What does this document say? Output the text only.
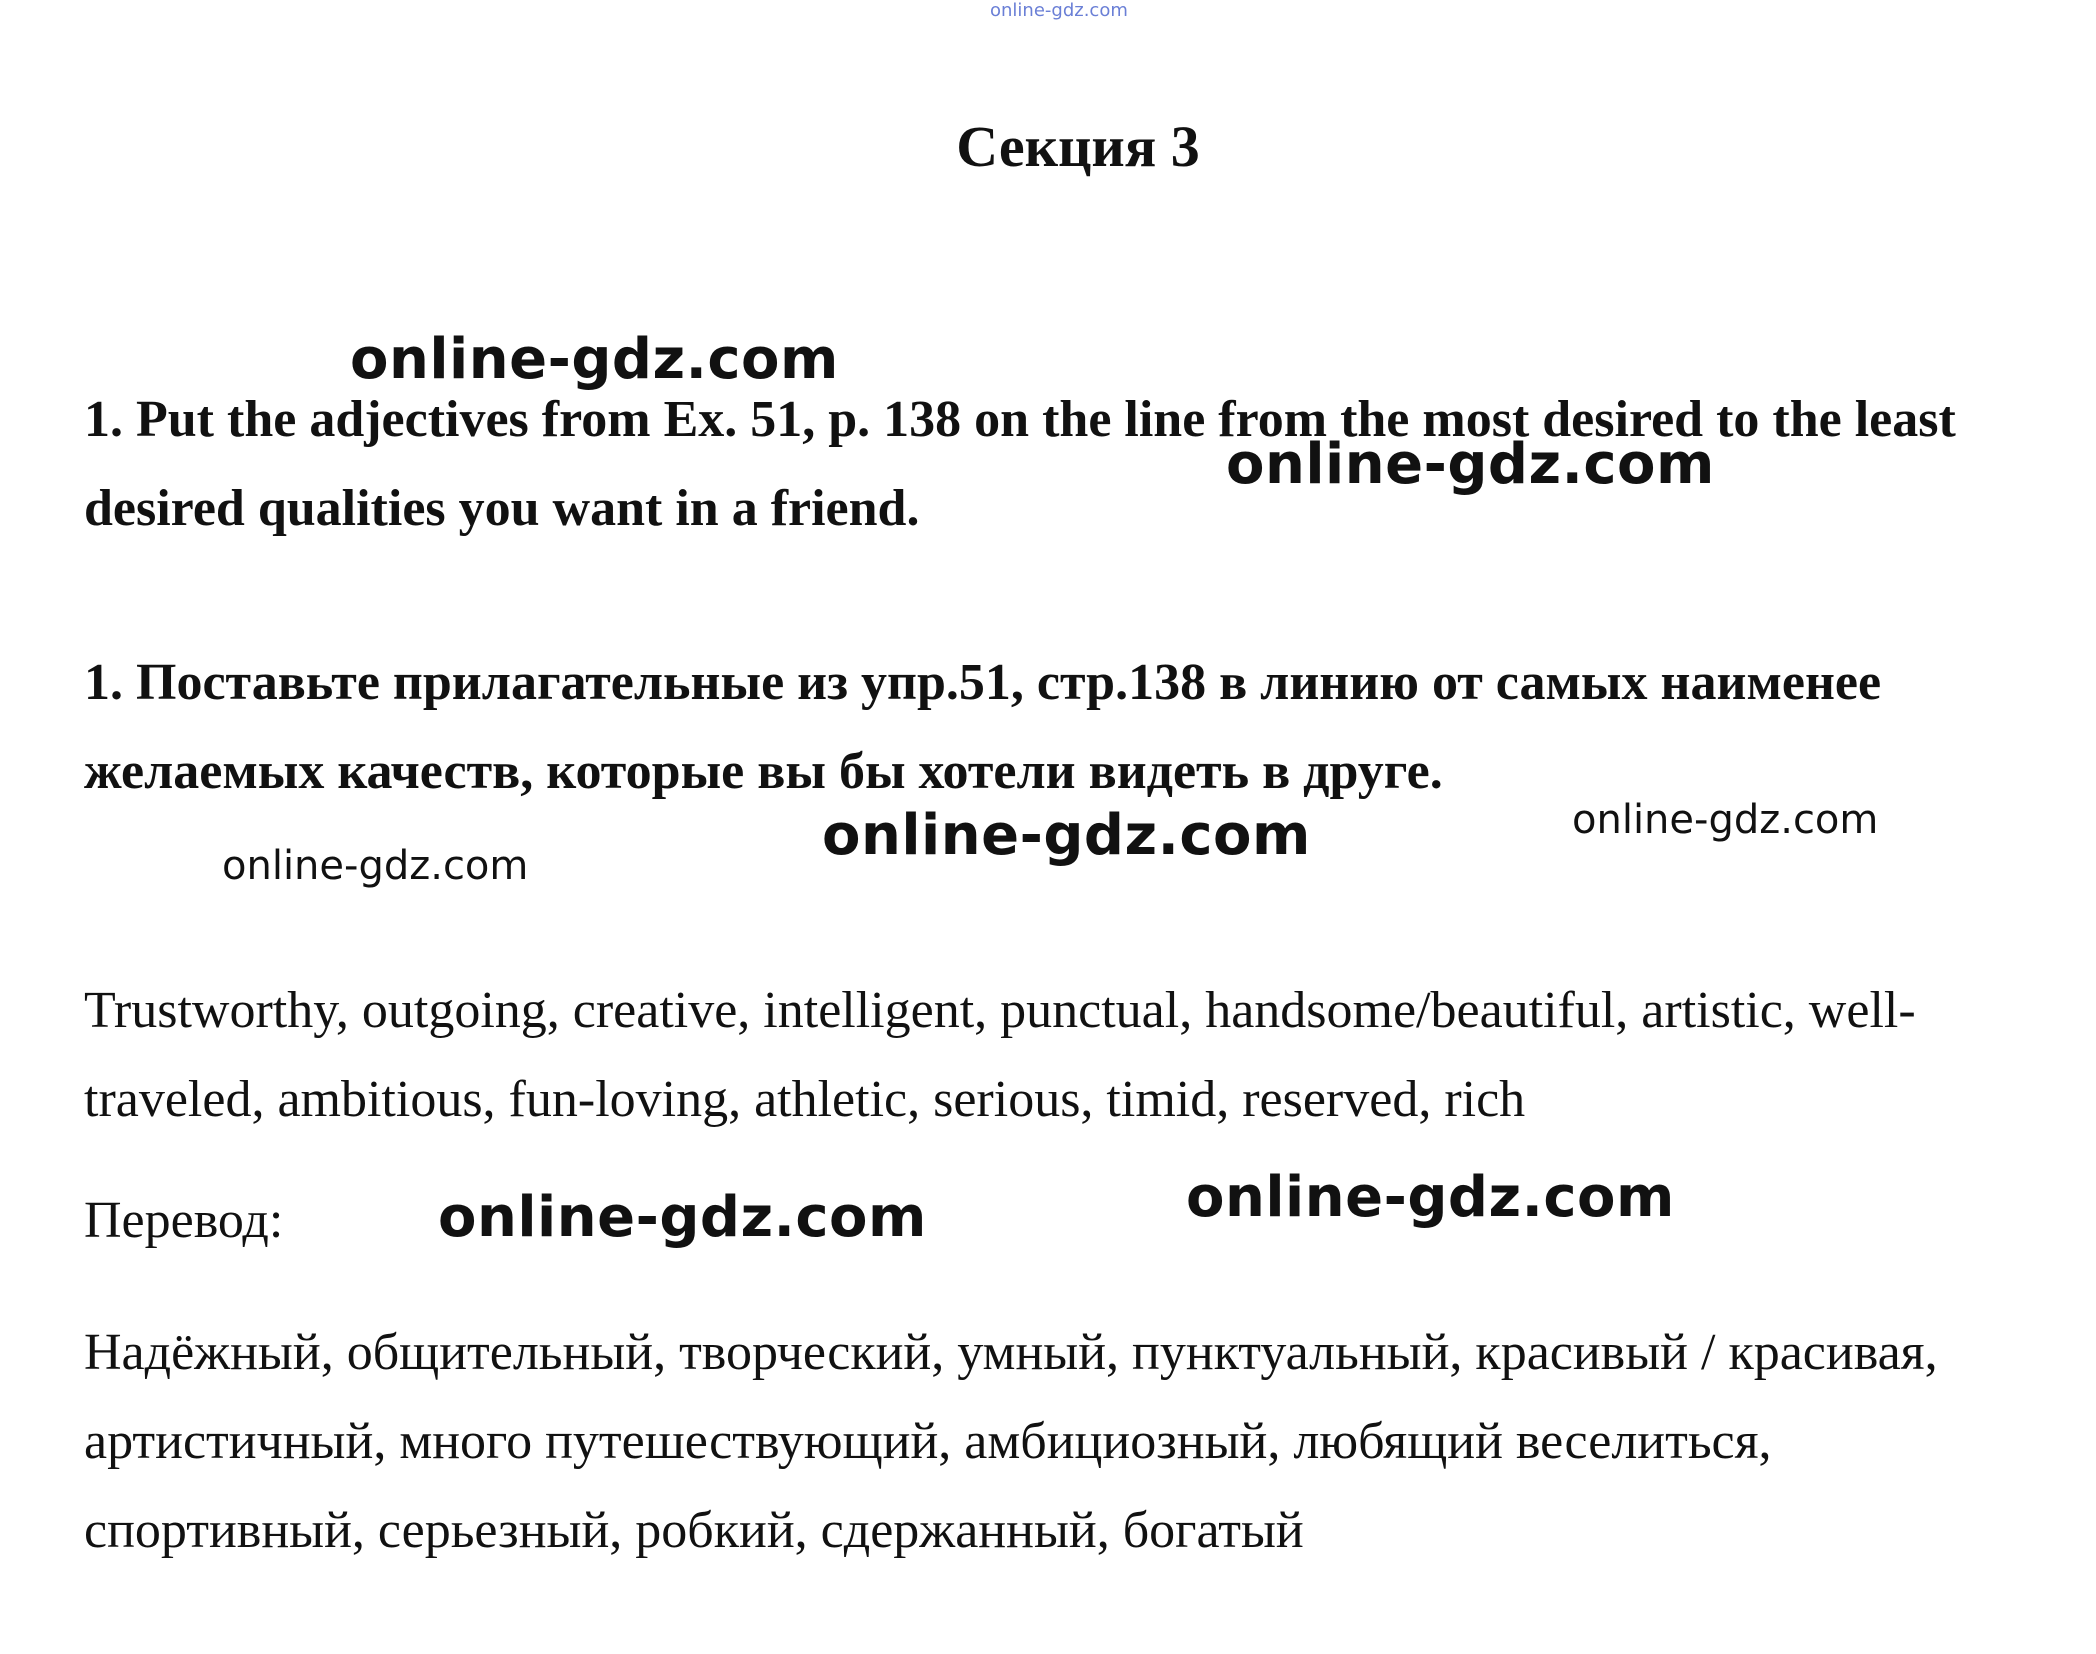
online-gdz.com
Секция 3

1. Put the adjectives from Ex. 51, p. 138 on the line from the most desired to the least desired qualities you want in a friend.

1. Поставьте прилагательные из упр.51, стр.138 в линию от самых наименее желаемых качеств, которые вы бы хотели видеть в друге.

Trustworthy, outgoing, creative, intelligent, punctual, handsome/beautiful, artistic, well-traveled, ambitious, fun-loving, athletic, serious, timid, reserved, rich

Перевод:

Надёжный, общительный, творческий, умный, пунктуальный, красивый / красивая, артистичный, много путешествующий, амбициозный, любящий веселиться, спортивный, серьезный, робкий, сдержанный, богатый

online-gdz.com
online-gdz.com
online-gdz.com
online-gdz.com
online-gdz.com
online-gdz.com	online-gdz.com
